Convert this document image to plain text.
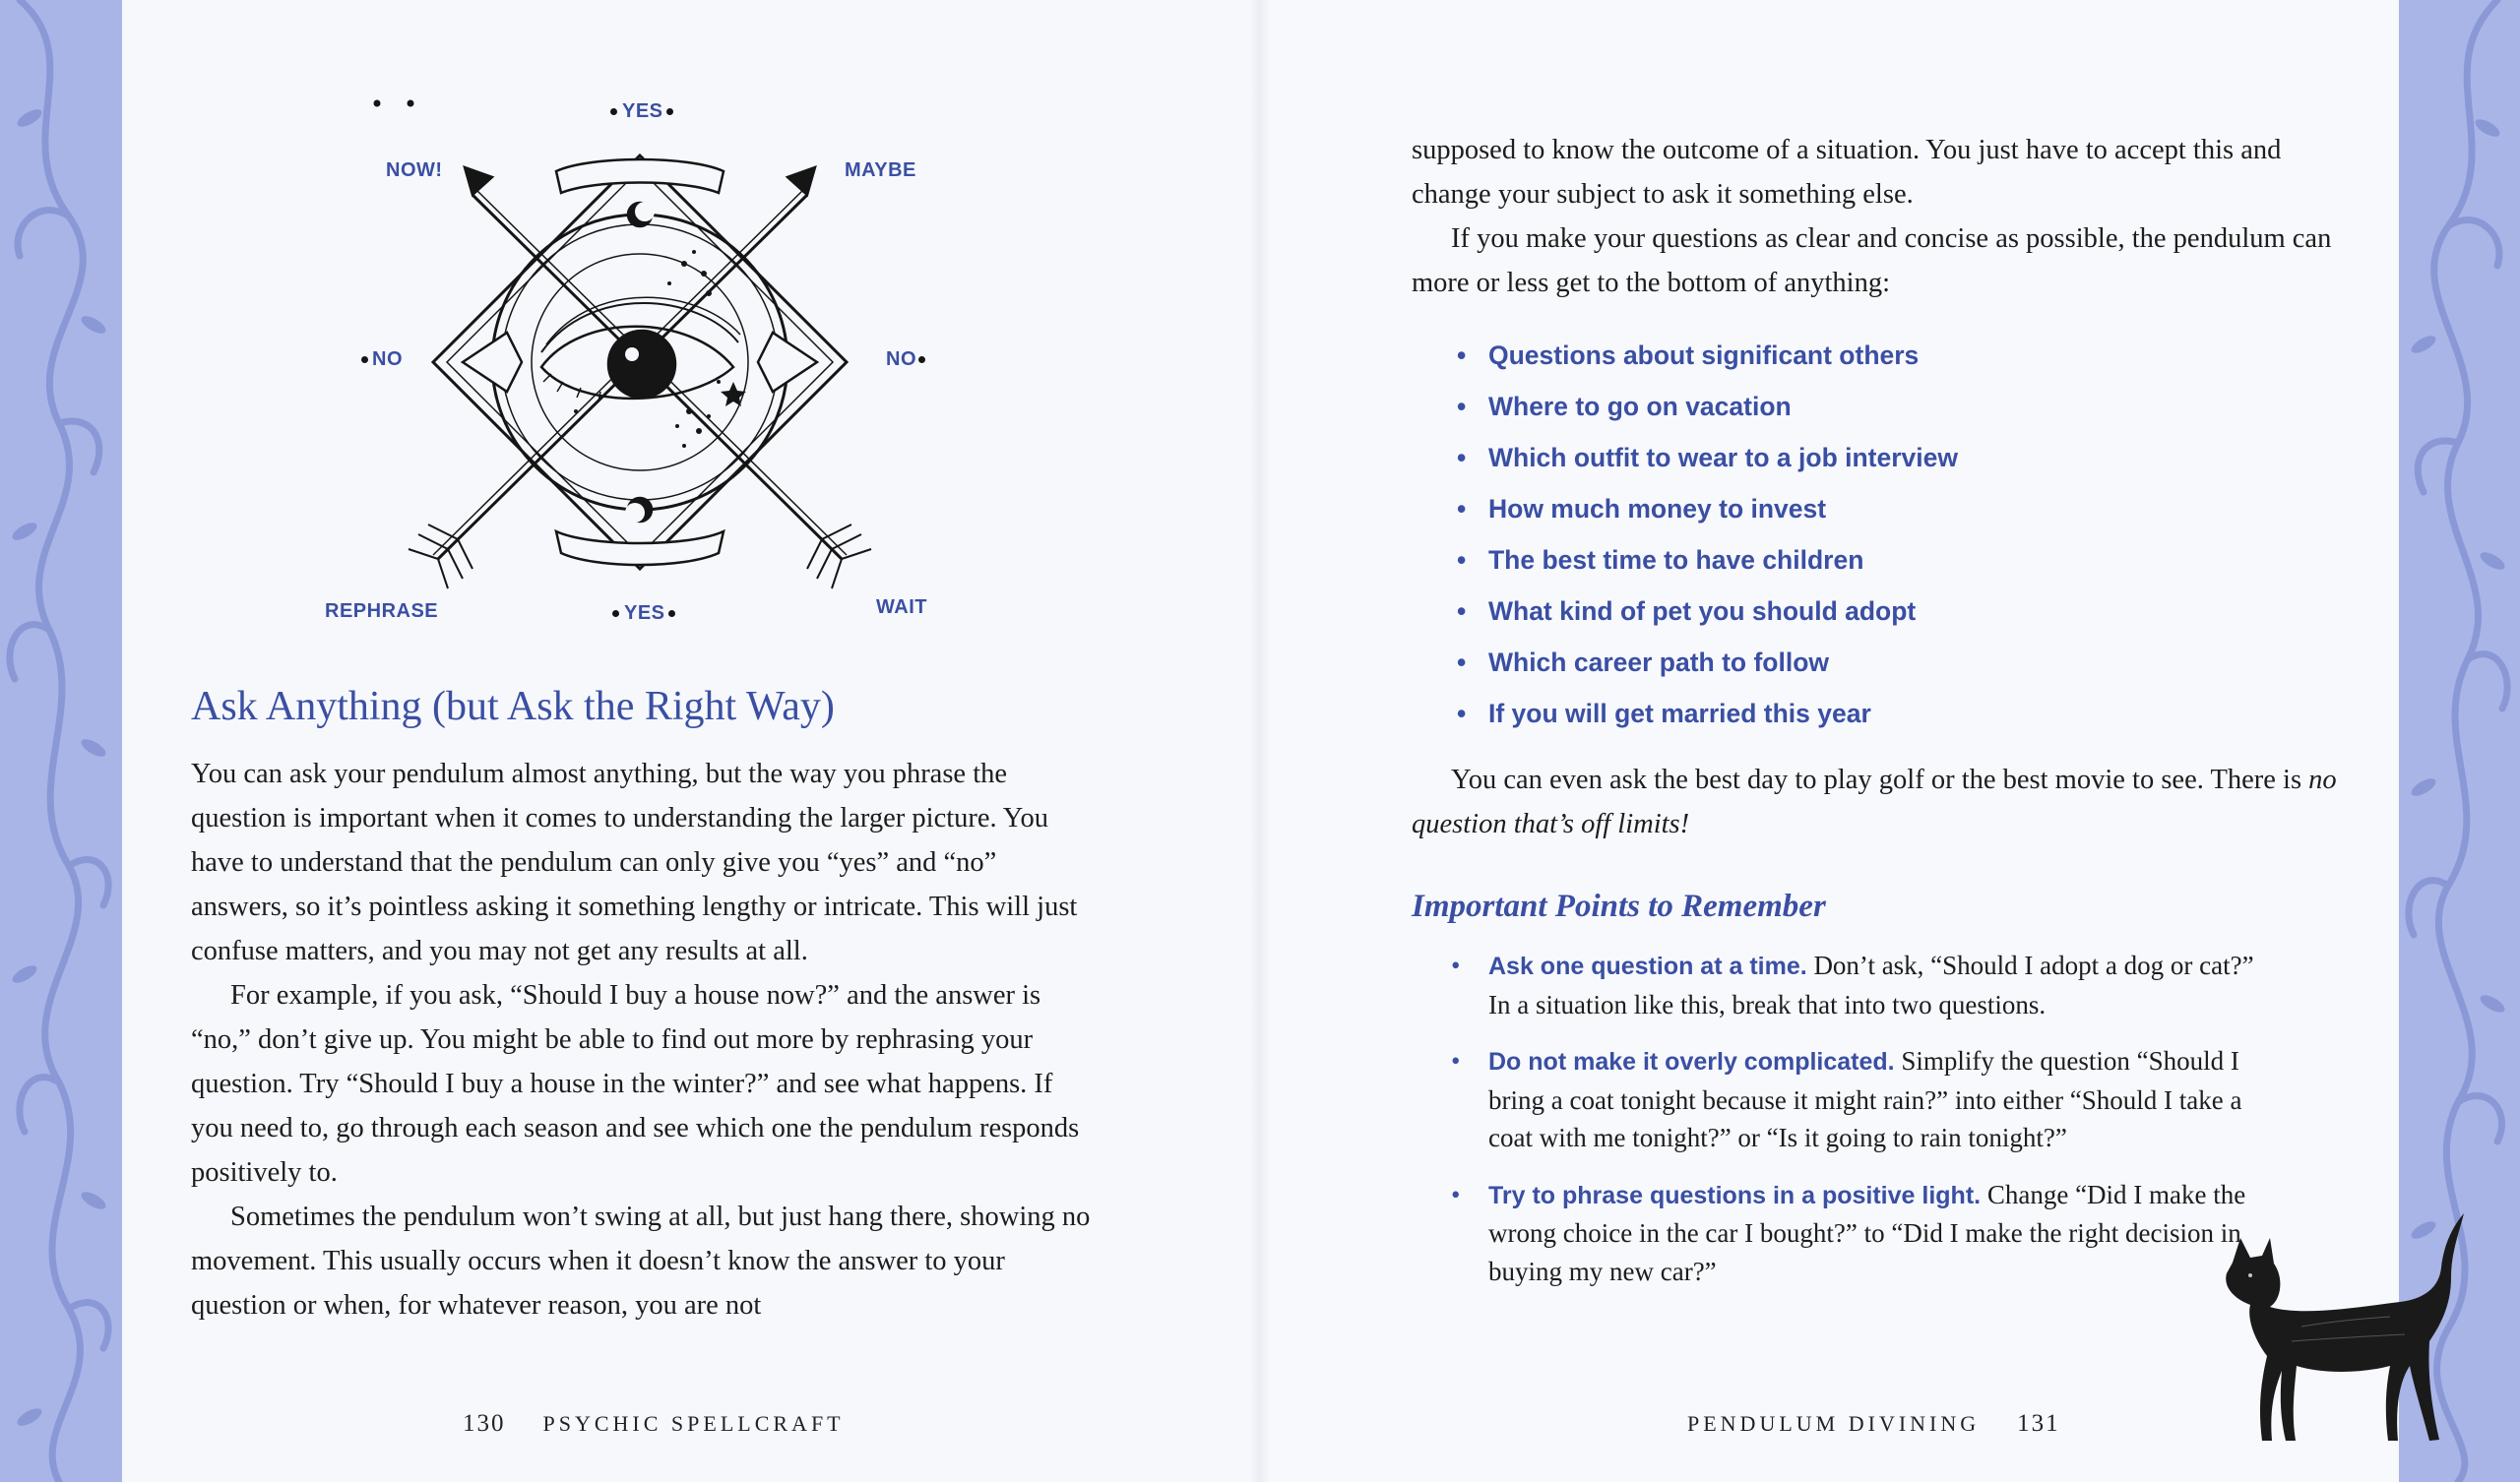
YES
NOW!	MAYBE
NO	NO
REPHRASE	YES	WAIT
Ask Anything (but Ask the Right Way)

You can ask your pendulum almost anything, but the way you phrase the question is important when it comes to understanding the larger picture. You have to understand that the pendulum can only give you “yes” and “no” answers, so it’s pointless asking it something lengthy or intricate. This will just confuse matters, and you may not get any results at all.

For example, if you ask, “Should I buy a house now?” and the answer is “no,” don’t give up. You might be able to find out more by rephrasing your question. Try “Should I buy a house in the winter?” and see what happens. If you need to, go through each season and see which one the pendulum responds positively to.

Sometimes the pendulum won’t swing at all, but just hang there, showing no movement. This usually occurs when it doesn’t know the answer to your question or when, for whatever reason, you are not

130 PSYCHIC SPELLCRAFT

supposed to know the outcome of a situation. You just have to accept this and change your subject to ask it something else.

If you make your questions as clear and concise as possible, the pendulum can more or less get to the bottom of anything:

• Questions about significant others
• Where to go on vacation
• Which outfit to wear to a job interview
• How much money to invest
• The best time to have children
• What kind of pet you should adopt
• Which career path to follow
• If you will get married this year

You can even ask the best day to play golf or the best movie to see. There is no question that’s off limits!

Important Points to Remember
• Ask one question at a time. Don’t ask, “Should I adopt a dog or cat?” In a situation like this, break that into two questions.
• Do not make it overly complicated. Simplify the question “Should I bring a coat tonight because it might rain?” into either “Should I take a coat with me tonight?” or “Is it going to rain tonight?”
• Try to phrase questions in a positive light. Change “Did I make the wrong choice in the car I bought?” to “Did I make the right decision in buying my new car?”
PENDULUM DIVINING 131
